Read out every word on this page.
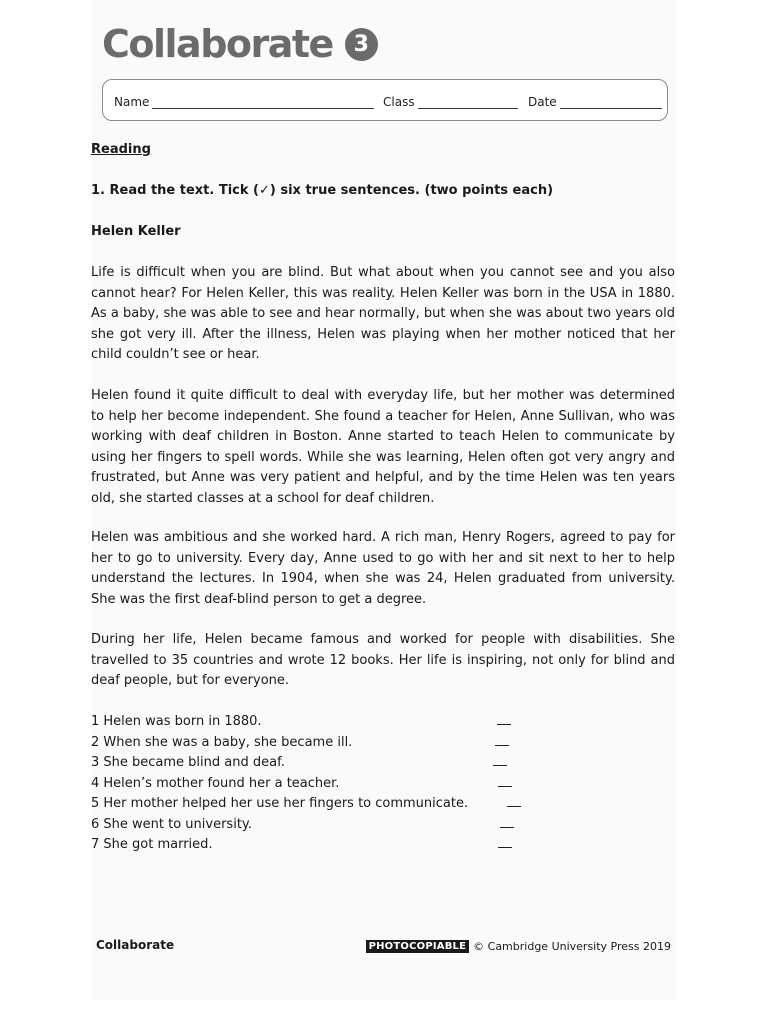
Collaborate 3
Name	Class	Date
Reading
1. Read the text. Tick (✓) six true sentences. (two points each)
Helen Keller
Life is difficult when you are blind. But what about when you cannot see and you also cannot hear? For Helen Keller, this was reality. Helen Keller was born in the USA in 1880. As a baby, she was able to see and hear normally, but when she was about two years old she got very ill. After the illness, Helen was playing when her mother noticed that her child couldn’t see or hear.
Helen found it quite difficult to deal with everyday life, but her mother was determined to help her become independent. She found a teacher for Helen, Anne Sullivan, who was working with deaf children in Boston. Anne started to teach Helen to communicate by using her fingers to spell words. While she was learning, Helen often got very angry and frustrated, but Anne was very patient and helpful, and by the time Helen was ten years old, she started classes at a school for deaf children.
Helen was ambitious and she worked hard. A rich man, Henry Rogers, agreed to pay for her to go to university. Every day, Anne used to go with her and sit next to her to help understand the lectures. In 1904, when she was 24, Helen graduated from university. She was the first deaf-blind person to get a degree.
During her life, Helen became famous and worked for people with disabilities. She travelled to 35 countries and wrote 12 books. Her life is inspiring, not only for blind and deaf people, but for everyone.
1 Helen was born in 1880.
2 When she was a baby, she became ill.
3 She became blind and deaf.
4 Helen’s mother found her a teacher.
5 Her mother helped her use her fingers to communicate.
6 She went to university.
7 She got married.
Collaborate	PHOTOCOPIABLE © Cambridge University Press 2019
